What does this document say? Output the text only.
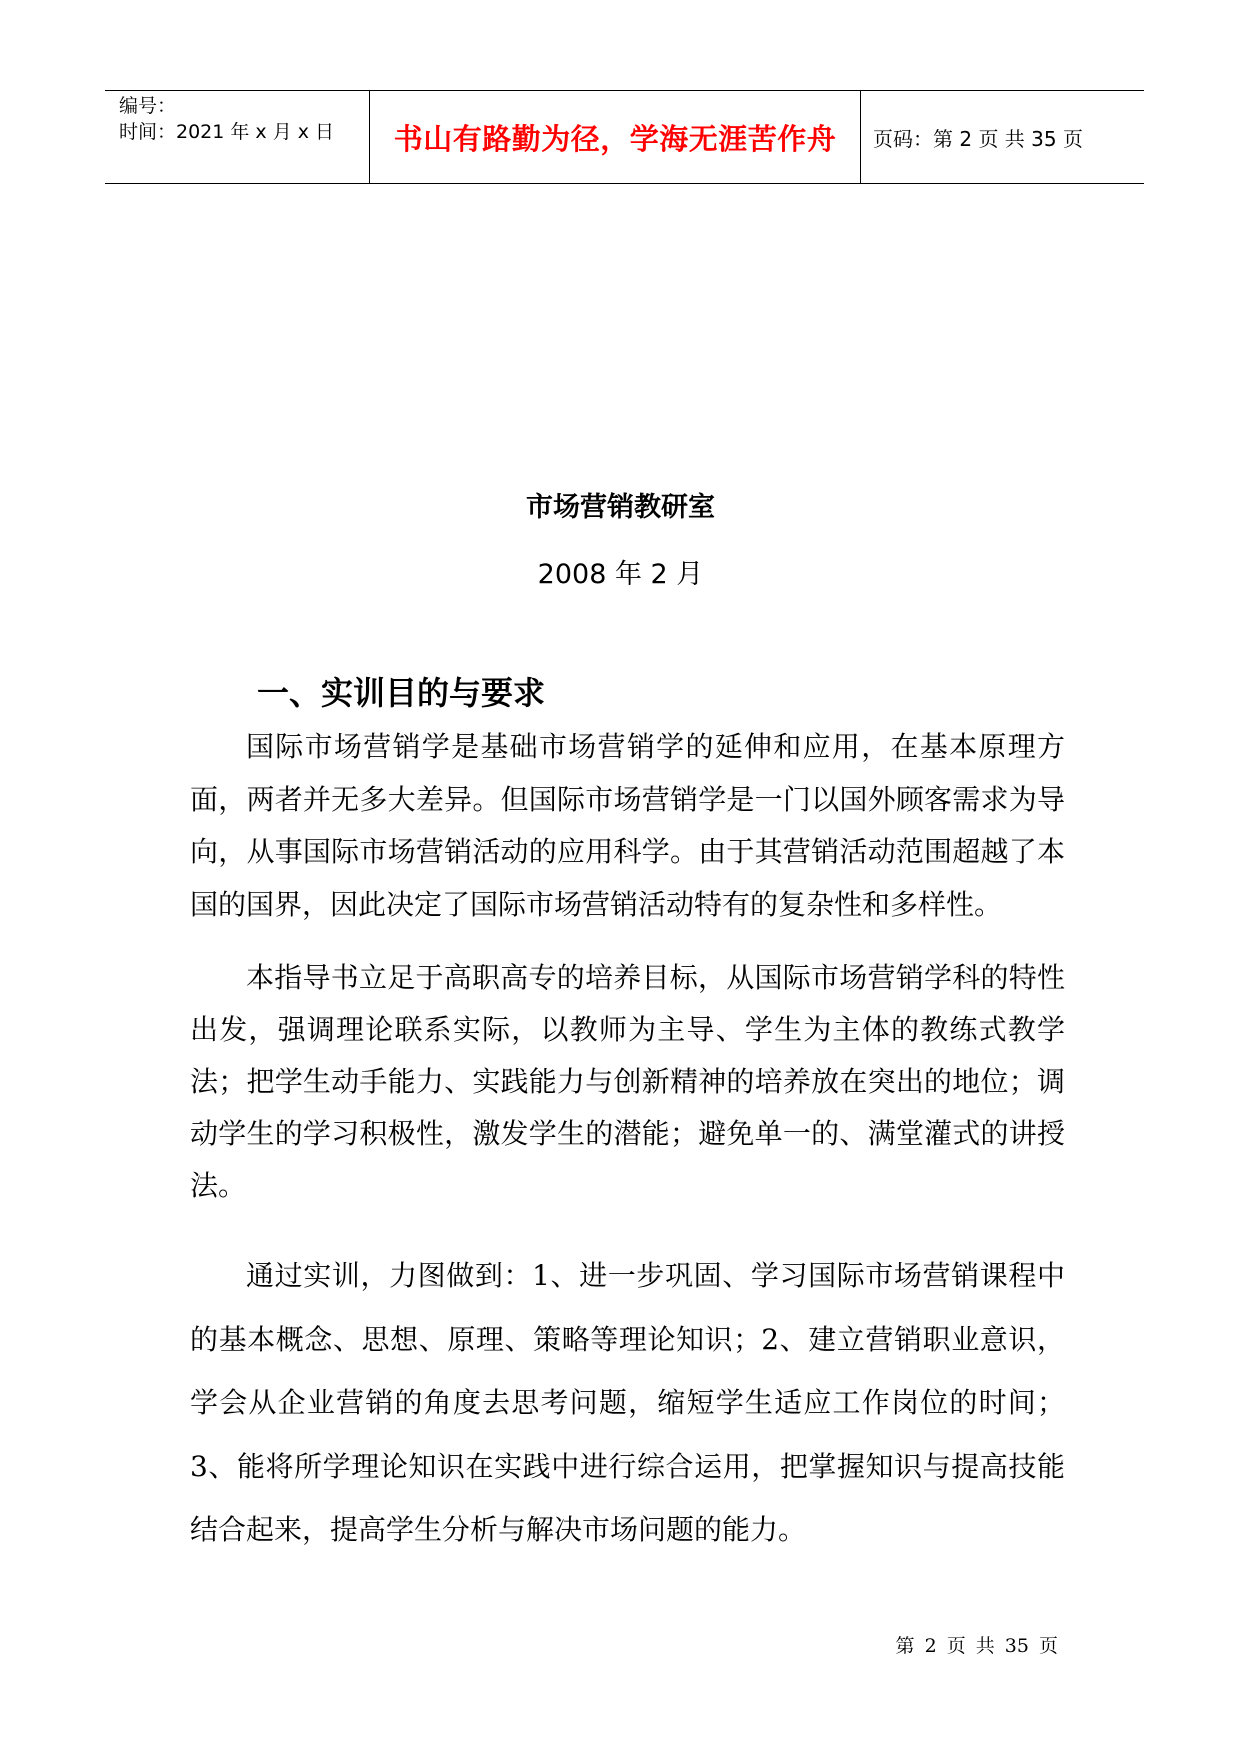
编号：
时间：2021 年 x 月 x 日	书山有路勤为径，学海无涯苦作舟 页码：第 2 页 共 35 页
市场营销教研室
2008 年 2 月
一、实训目的与要求

国际市场营销学是基础市场营销学的延伸和应用，在基本原理方面，两者并无多大差异。但国际市场营销学是一门以国外顾客需求为导向，从事国际市场营销活动的应用科学。由于其营销活动范围超越了本国的国界，因此决定了国际市场营销活动特有的复杂性和多样性。

本指导书立足于高职高专的培养目标，从国际市场营销学科的特性出发，强调理论联系实际，以教师为主导、学生为主体的教练式教学法；把学生动手能力、实践能力与创新精神的培养放在突出的地位；调动学生的学习积极性，激发学生的潜能；避免单一的、满堂灌式的讲授法。

通过实训，力图做到：1、进一步巩固、学习国际市场营销课程中的基本概念、思想、原理、策略等理论知识；2、建立营销职业意识，学会从企业营销的角度去思考问题，缩短学生适应工作岗位的时间；3、能将所学理论知识在实践中进行综合运用，把掌握知识与提高技能结合起来，提高学生分析与解决市场问题的能力。

第 2 页 共 35 页
